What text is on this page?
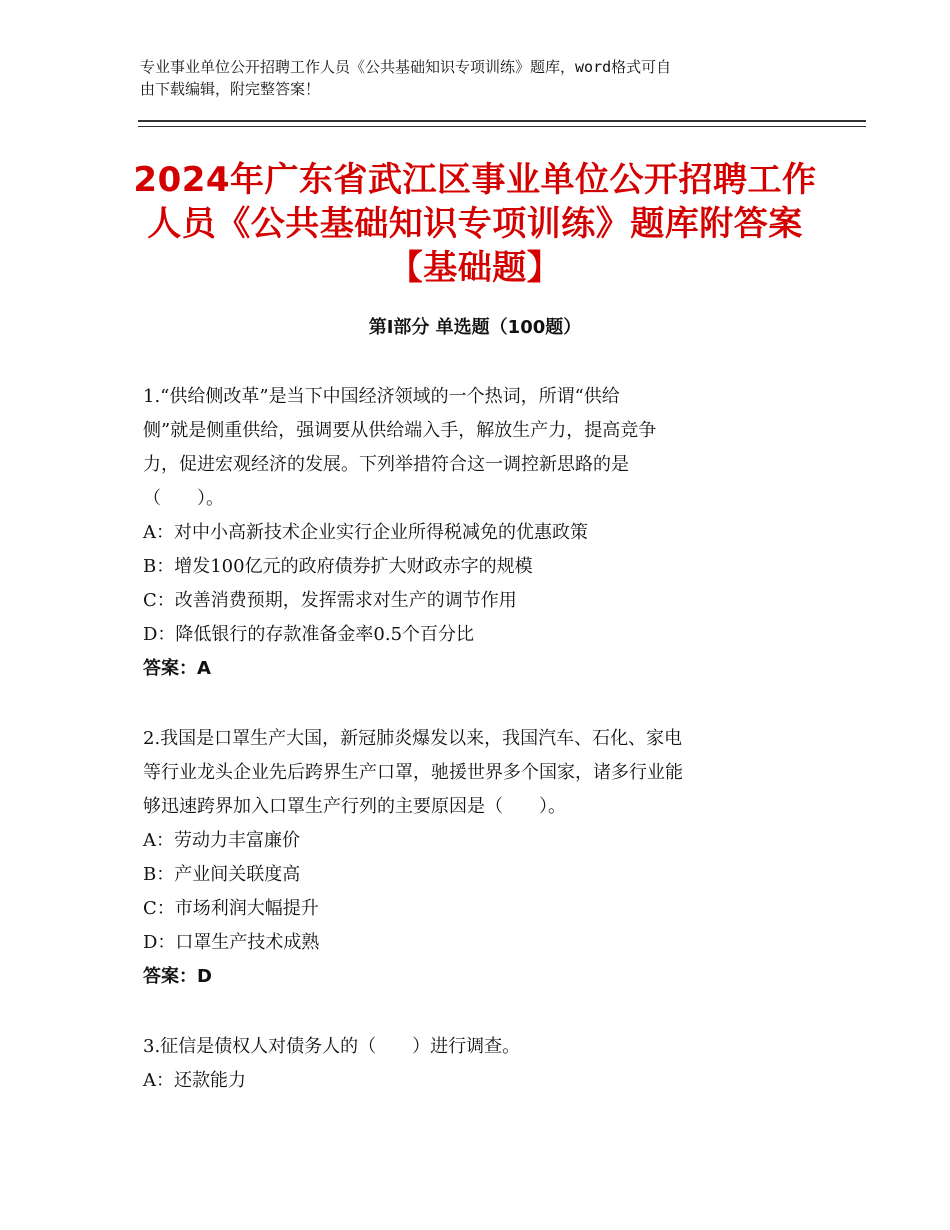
专业事业单位公开招聘工作人员《公共基础知识专项训练》题库，word格式可自
由下载编辑，附完整答案！
2024年广东省武江区事业单位公开招聘工作
人员《公共基础知识专项训练》题库附答案
【基础题】
第Ⅰ部分 单选题（100题）
1.“供给侧改革”是当下中国经济领域的一个热词，所谓“供给
侧”就是侧重供给，强调要从供给端入手，解放生产力，提高竞争
力，促进宏观经济的发展。下列举措符合这一调控新思路的是
（　　）。
A：对中小高新技术企业实行企业所得税减免的优惠政策
B：增发100亿元的政府债券扩大财政赤字的规模
C：改善消费预期，发挥需求对生产的调节作用
D：降低银行的存款准备金率0.5个百分比
答案：A
2.我国是口罩生产大国，新冠肺炎爆发以来，我国汽车、石化、家电
等行业龙头企业先后跨界生产口罩，驰援世界多个国家，诸多行业能
够迅速跨界加入口罩生产行列的主要原因是（　　）。
A：劳动力丰富廉价
B：产业间关联度高
C：市场利润大幅提升
D：口罩生产技术成熟
答案：D
3.征信是债权人对债务人的（　　）进行调查。
A：还款能力
